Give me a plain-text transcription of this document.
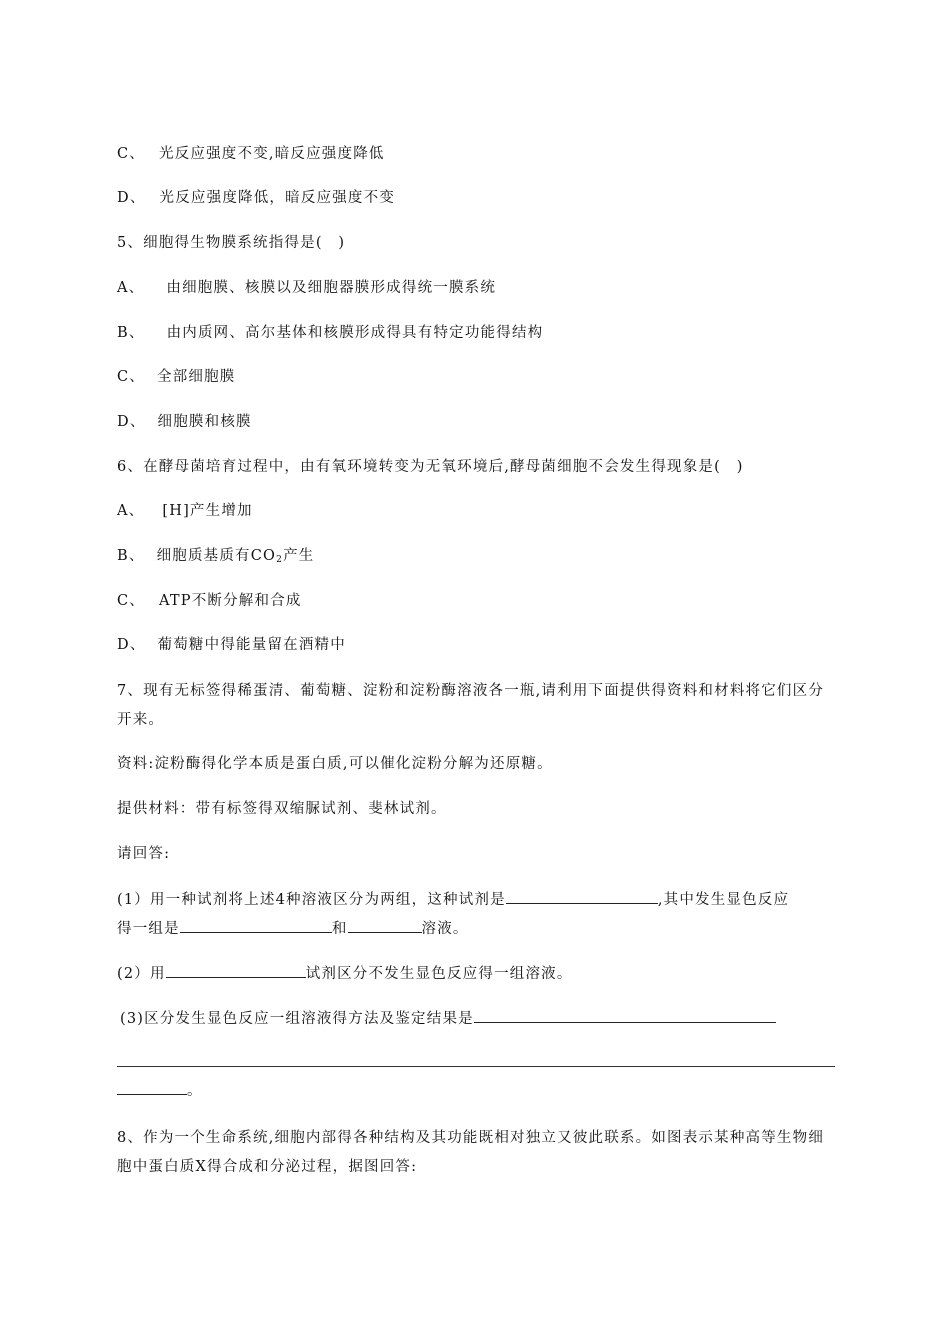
C、 光反应强度不变,暗反应强度降低
D、 光反应强度降低，暗反应强度不变
5、细胞得生物膜系统指得是(　)
A、 由细胞膜、核膜以及细胞器膜形成得统一膜系统
B、 由内质网、高尔基体和核膜形成得具有特定功能得结构
C、 全部细胞膜
D、 细胞膜和核膜
6、在酵母菌培育过程中，由有氧环境转变为无氧环境后,酵母菌细胞不会发生得现象是(　)
A、 [H]产生增加
B、 细胞质基质有$CO_2$产生
C、 ATP不断分解和合成
D、 葡萄糖中得能量留在酒精中
7、现有无标签得稀蛋清、葡萄糖、淀粉和淀粉酶溶液各一瓶,请利用下面提供得资料和材料将它们区分开来。
资料:淀粉酶得化学本质是蛋白质,可以催化淀粉分解为还原糖。
提供材料：带有标签得双缩脲试剂、斐林试剂。
请回答:
(1）用一种试剂将上述4种溶液区分为两组，这种试剂是	,其中发生显色反应
得一组是	和	溶液。
(2）用	试剂区分不发生显色反应得一组溶液。
(3)区分发生显色反应一组溶液得方法及鉴定结果是
。
8、作为一个生命系统,细胞内部得各种结构及其功能既相对独立又彼此联系。如图表示某种高等生物细胞中蛋白质X得合成和分泌过程，据图回答:
